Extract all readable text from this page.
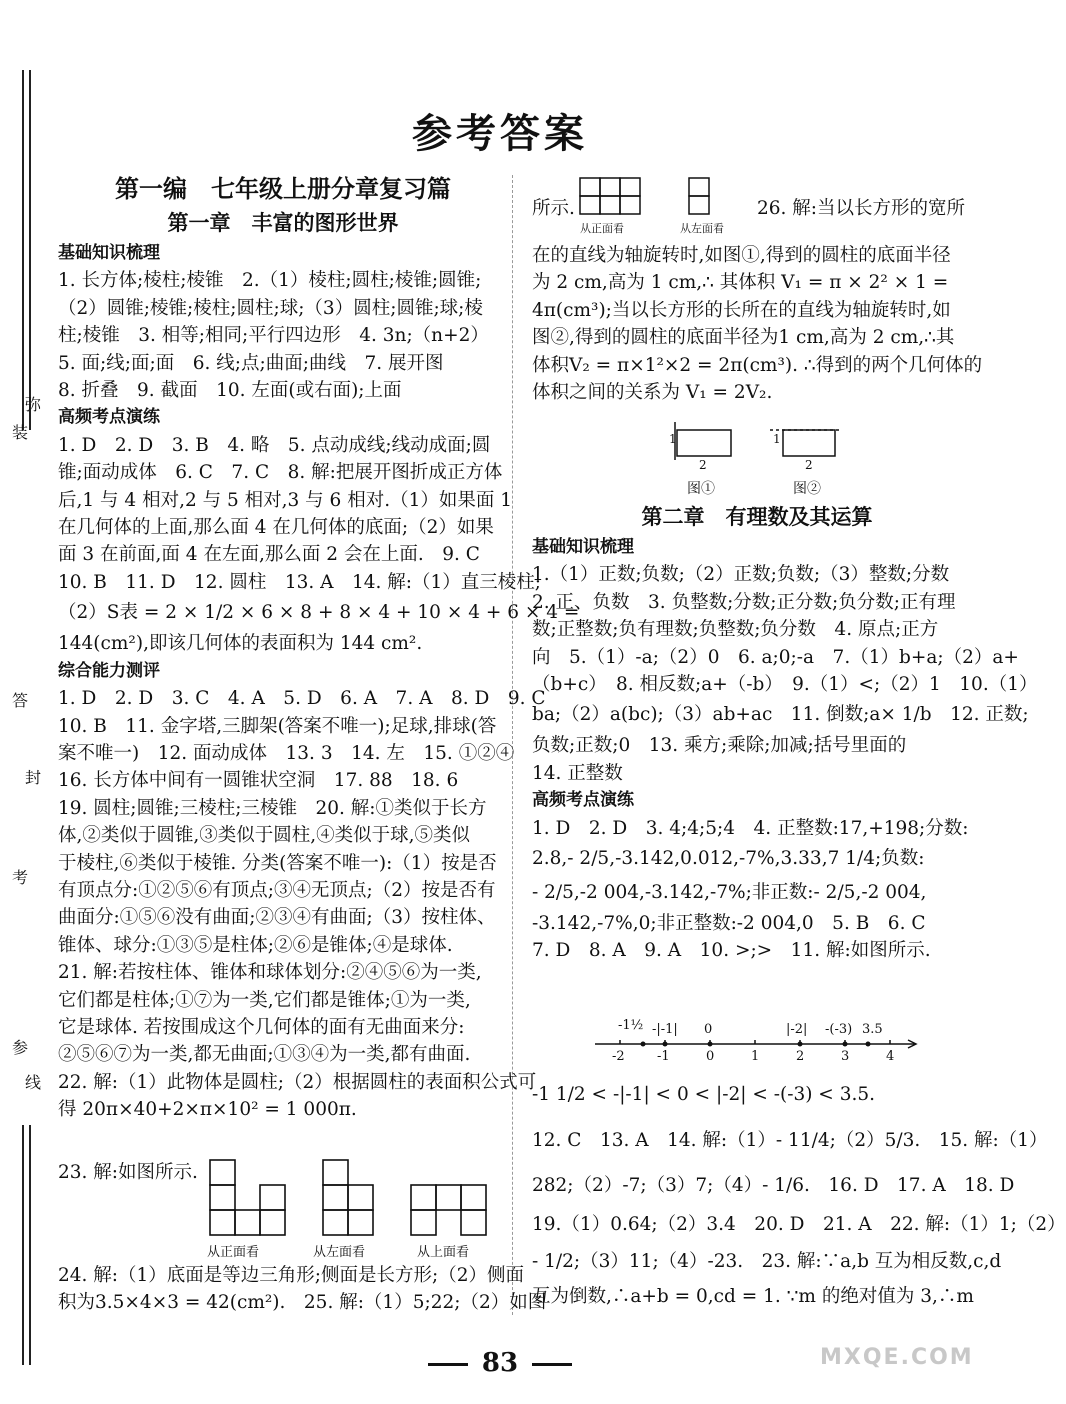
参考答案
弥
装
答
封
考
参
线
第一编　七年级上册分章复习篇
第一章　丰富的图形世界
基础知识梳理
1. 长方体;棱柱;棱锥　2.（1）棱柱;圆柱;棱锥;圆锥;
（2）圆锥;棱锥;棱柱;圆柱;球;（3）圆柱;圆锥;球;棱
柱;棱锥　3. 相等;相同;平行四边形　4. 3n;（n+2）
5. 面;线;面;面　6. 线;点;曲面;曲线　7. 展开图
8. 折叠　9. 截面　10. 左面(或右面);上面
高频考点演练
1. D　2. D　3. B　4. 略　5. 点动成线;线动成面;圆
锥;面动成体　6. C　7. C　8. 解:把展开图折成正方体
后,1 与 4 相对,2 与 5 相对,3 与 6 相对.（1）如果面 1
在几何体的上面,那么面 4 在几何体的底面;（2）如果
面 3 在前面,面 4 在左面,那么面 2 会在上面.　9. C
10. B　11. D　12. 圆柱　13. A　14. 解:（1）直三棱柱;
（2）S表 = 2 × 1/2 × 6 × 8 + 8 × 4 + 10 × 4 + 6 × 4 =
144(cm²),即该几何体的表面积为 144 cm².
综合能力测评
1. D　2. D　3. C　4. A　5. D　6. A　7. A　8. D　9. C
10. B　11. 金字塔,三脚架(答案不唯一);足球,排球(答
案不唯一)　12. 面动成体　13. 3　14. 左　15. ①②④
16. 长方体中间有一圆锥状空洞　17. 88　18. 6
19. 圆柱;圆锥;三棱柱;三棱锥　20. 解:①类似于长方
体,②类似于圆锥,③类似于圆柱,④类似于球,⑤类似
于棱柱,⑥类似于棱锥. 分类(答案不唯一):（1）按是否
有顶点分:①②⑤⑥有顶点;③④无顶点;（2）按是否有
曲面分:①⑤⑥没有曲面;②③④有曲面;（3）按柱体、
锥体、球分:①③⑤是柱体;②⑥是锥体;④是球体.
21. 解:若按柱体、锥体和球体划分:②④⑤⑥为一类,
它们都是柱体;①⑦为一类,它们都是锥体;①为一类,
它是球体. 若按围成这个几何体的面有无曲面来分:
②⑤⑥⑦为一类,都无曲面;①③④为一类,都有曲面.
22. 解:（1）此物体是圆柱;（2）根据圆柱的表面积公式可
得 20π×40+2×π×10² = 1 000π.
23. 解:如图所示.
从正面看	从左面看	从上面看
24. 解:（1）底面是等边三角形;侧面是长方形;（2）侧面
积为3.5×4×3 = 42(cm²).　25. 解:（1）5;22;（2）如图
所示.
从正面看	从左面看
26. 解:当以长方形的宽所
在的直线为轴旋转时,如图①,得到的圆柱的底面半径
为 2 cm,高为 1 cm,∴ 其体积 V₁ = π × 2² × 1 =
4π(cm³);当以长方形的长所在的直线为轴旋转时,如
图②,得到的圆柱的底面半径为1 cm,高为 2 cm,∴其
体积V₂ = π×1²×2 = 2π(cm³). ∴得到的两个几何体的
体积之间的关系为 V₁ = 2V₂.
1
2
1
2
图①	图②
第二章　有理数及其运算
基础知识梳理
1.（1）正数;负数;（2）正数;负数;（3）整数;分数
2. 正、负数　3. 负整数;分数;正分数;负分数;正有理
数;正整数;负有理数;负整数;负分数　4. 原点;正方
向　5.（1）-a;（2）0　6. a;0;-a　7.（1）b+a;（2）a+
（b+c）　8. 相反数;a+（-b）　9.（1）<;（2）1　10.（1）
ba;（2）a(bc);（3）ab+ac　11. 倒数;a× 1/b　12. 正数;
负数;正数;0　13. 乘方;乘除;加减;括号里面的
14. 正整数
高频考点演练
1. D　2. D　3. 4;4;5;4　4. 正整数:17,+198;分数:
2.8,- 2/5,-3.142,0.012,-7%,3.33,7 1/4;负数:
- 2/5,-2 004,-3.142,-7%;非正数:- 2/5,-2 004,
-3.142,-7%,0;非正整数:-2 004,0　5. B　6. C
7. D　8. A　9. A　10. >;>　11. 解:如图所示.
-1½ -|-1| 0	|-2| -(-3) 3.5
-2 -1	0	1	2	3	4
-1 1/2 < -|-1| < 0 < |-2| < -(-3) < 3.5.
12. C　13. A　14. 解:（1）- 11/4;（2）5/3.　15. 解:（1）
282;（2）-7;（3）7;（4）- 1/6.　16. D　17. A　18. D
19.（1）0.64;（2）3.4　20. D　21. A　22. 解:（1）1;（2）
- 1/2;（3）11;（4）-23.　23. 解:∵a,b 互为相反数,c,d
互为倒数,∴a+b = 0,cd = 1. ∵m 的绝对值为 3,∴m
83	MXQE.COM
